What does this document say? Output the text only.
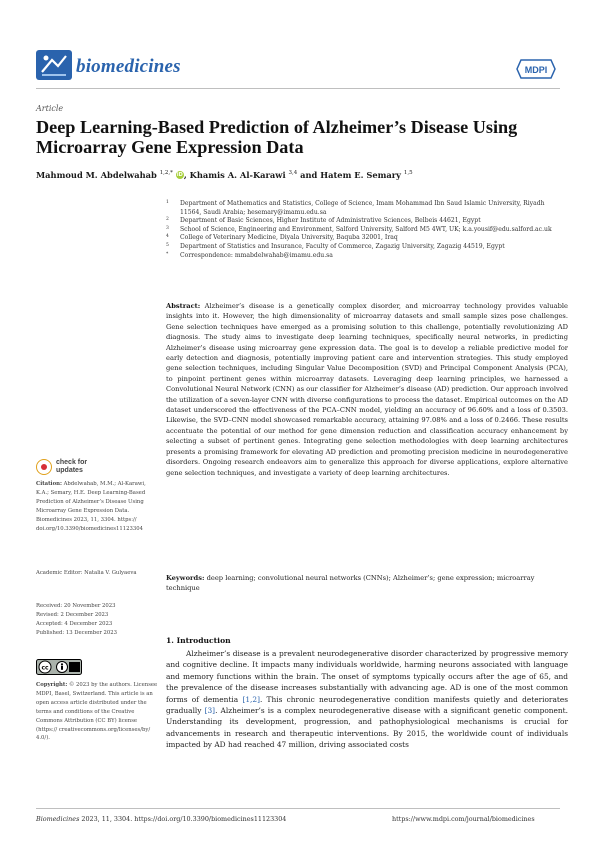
biomedicines	MDPI
Article
Deep Learning-Based Prediction of Alzheimer’s Disease Using Microarray Gene Expression Data
Mahmoud M. Abdelwahab $^{1,2,*}$ iD, Khamis A. Al-Karawi $^{3,4}$ and Hatem E. Semary $^{1,5}$
1 Department of Mathematics and Statistics, College of Science, Imam Mohammad Ibn Saud Islamic University, Riyadh 11564, Saudi Arabia; hesemary@imamu.edu.sa
2 Department of Basic Sciences, Higher Institute of Administrative Sciences, Belbeis 44621, Egypt
3 School of Science, Engineering and Environment, Salford University, Salford M5 4WT, UK; k.a.yousif@edu.salford.ac.uk
4 College of Veterinary Medicine, Diyala University, Baquba 32001, Iraq
5 Department of Statistics and Insurance, Faculty of Commerce, Zagazig University, Zagazig 44519, Egypt
* Correspondence: mmabdelwahab@imamu.edu.sa
Abstract: Alzheimer’s disease is a genetically complex disorder, and microarray technology provides valuable insights into it. However, the high dimensionality of microarray datasets and small sample sizes pose challenges. Gene selection techniques have emerged as a promising solution to this challenge, potentially revolutionizing AD diagnosis. The study aims to investigate deep learning techniques, specifically neural networks, in predicting Alzheimer’s disease using microarray gene expression data. The goal is to develop a reliable predictive model for early detection and diagnosis, potentially improving patient care and intervention strategies. This study employed gene selection techniques, including Singular Value Decomposition (SVD) and Principal Component Analysis (PCA), to pinpoint pertinent genes within microarray datasets. Leveraging deep learning principles, we harnessed a Convolutional Neural Network (CNN) as our classifier for Alzheimer’s disease (AD) prediction. Our approach involved the utilization of a seven-layer CNN with diverse configurations to process the dataset. Empirical outcomes on the AD dataset underscored the effectiveness of the PCA–CNN model, yielding an accuracy of 96.60% and a loss of 0.3503. Likewise, the SVD–CNN model showcased remarkable accuracy, attaining 97.08% and a loss of 0.2466. These results accentuate the potential of our method for gene dimension reduction and classification accuracy enhancement by selecting a subset of pertinent genes. Integrating gene selection methodologies with deep learning architectures presents a promising framework for elevating AD prediction and promoting precision medicine in neurodegenerative disorders. Ongoing research endeavors aim to generalize this approach for diverse applications, explore alternative gene selection techniques, and investigate a variety of deep learning architectures.
Keywords: deep learning; convolutional neural networks (CNNs); Alzheimer’s; gene expression; microarray technique
check for
updates
Citation: Abdelwahab, M.M.; Al-Karawi, K.A.; Semary, H.E. Deep Learning-Based Prediction of Alzheimer’s Disease Using Microarray Gene Expression Data. Biomedicines 2023, 11, 3304. https:// doi.org/10.3390/biomedicines11123304
Academic Editor: Natalia V. Gulyaeva
Received: 20 November 2023
Revised: 2 December 2023
Accepted: 4 December 2023
Published: 13 December 2023
cc
Copyright: © 2023 by the authors. Licensee MDPI, Basel, Switzerland. This article is an open access article distributed under the terms and conditions of the Creative Commons Attribution (CC BY) license (https:// creativecommons.org/licenses/by/ 4.0/).
1. Introduction
Alzheimer’s disease is a prevalent neurodegenerative disorder characterized by progressive memory and cognitive decline. It impacts many individuals worldwide, harming neurons associated with language and memory functions within the brain. The onset of symptoms typically occurs after the age of 65, and the prevalence of the disease increases substantially with advancing age. AD is one of the most common forms of dementia [1,2]. This chronic neurodegenerative condition manifests quietly and deteriorates gradually [3]. Alzheimer’s is a complex neurodegenerative disease with a significant genetic component. Understanding its development, progression, and pathophysiological mechanisms is crucial for advancements in research and therapeutic interventions. By 2015, the worldwide count of individuals impacted by AD had reached 47 million, driving associated costs
Biomedicines 2023, 11, 3304. https://doi.org/10.3390/biomedicines11123304	https://www.mdpi.com/journal/biomedicines
